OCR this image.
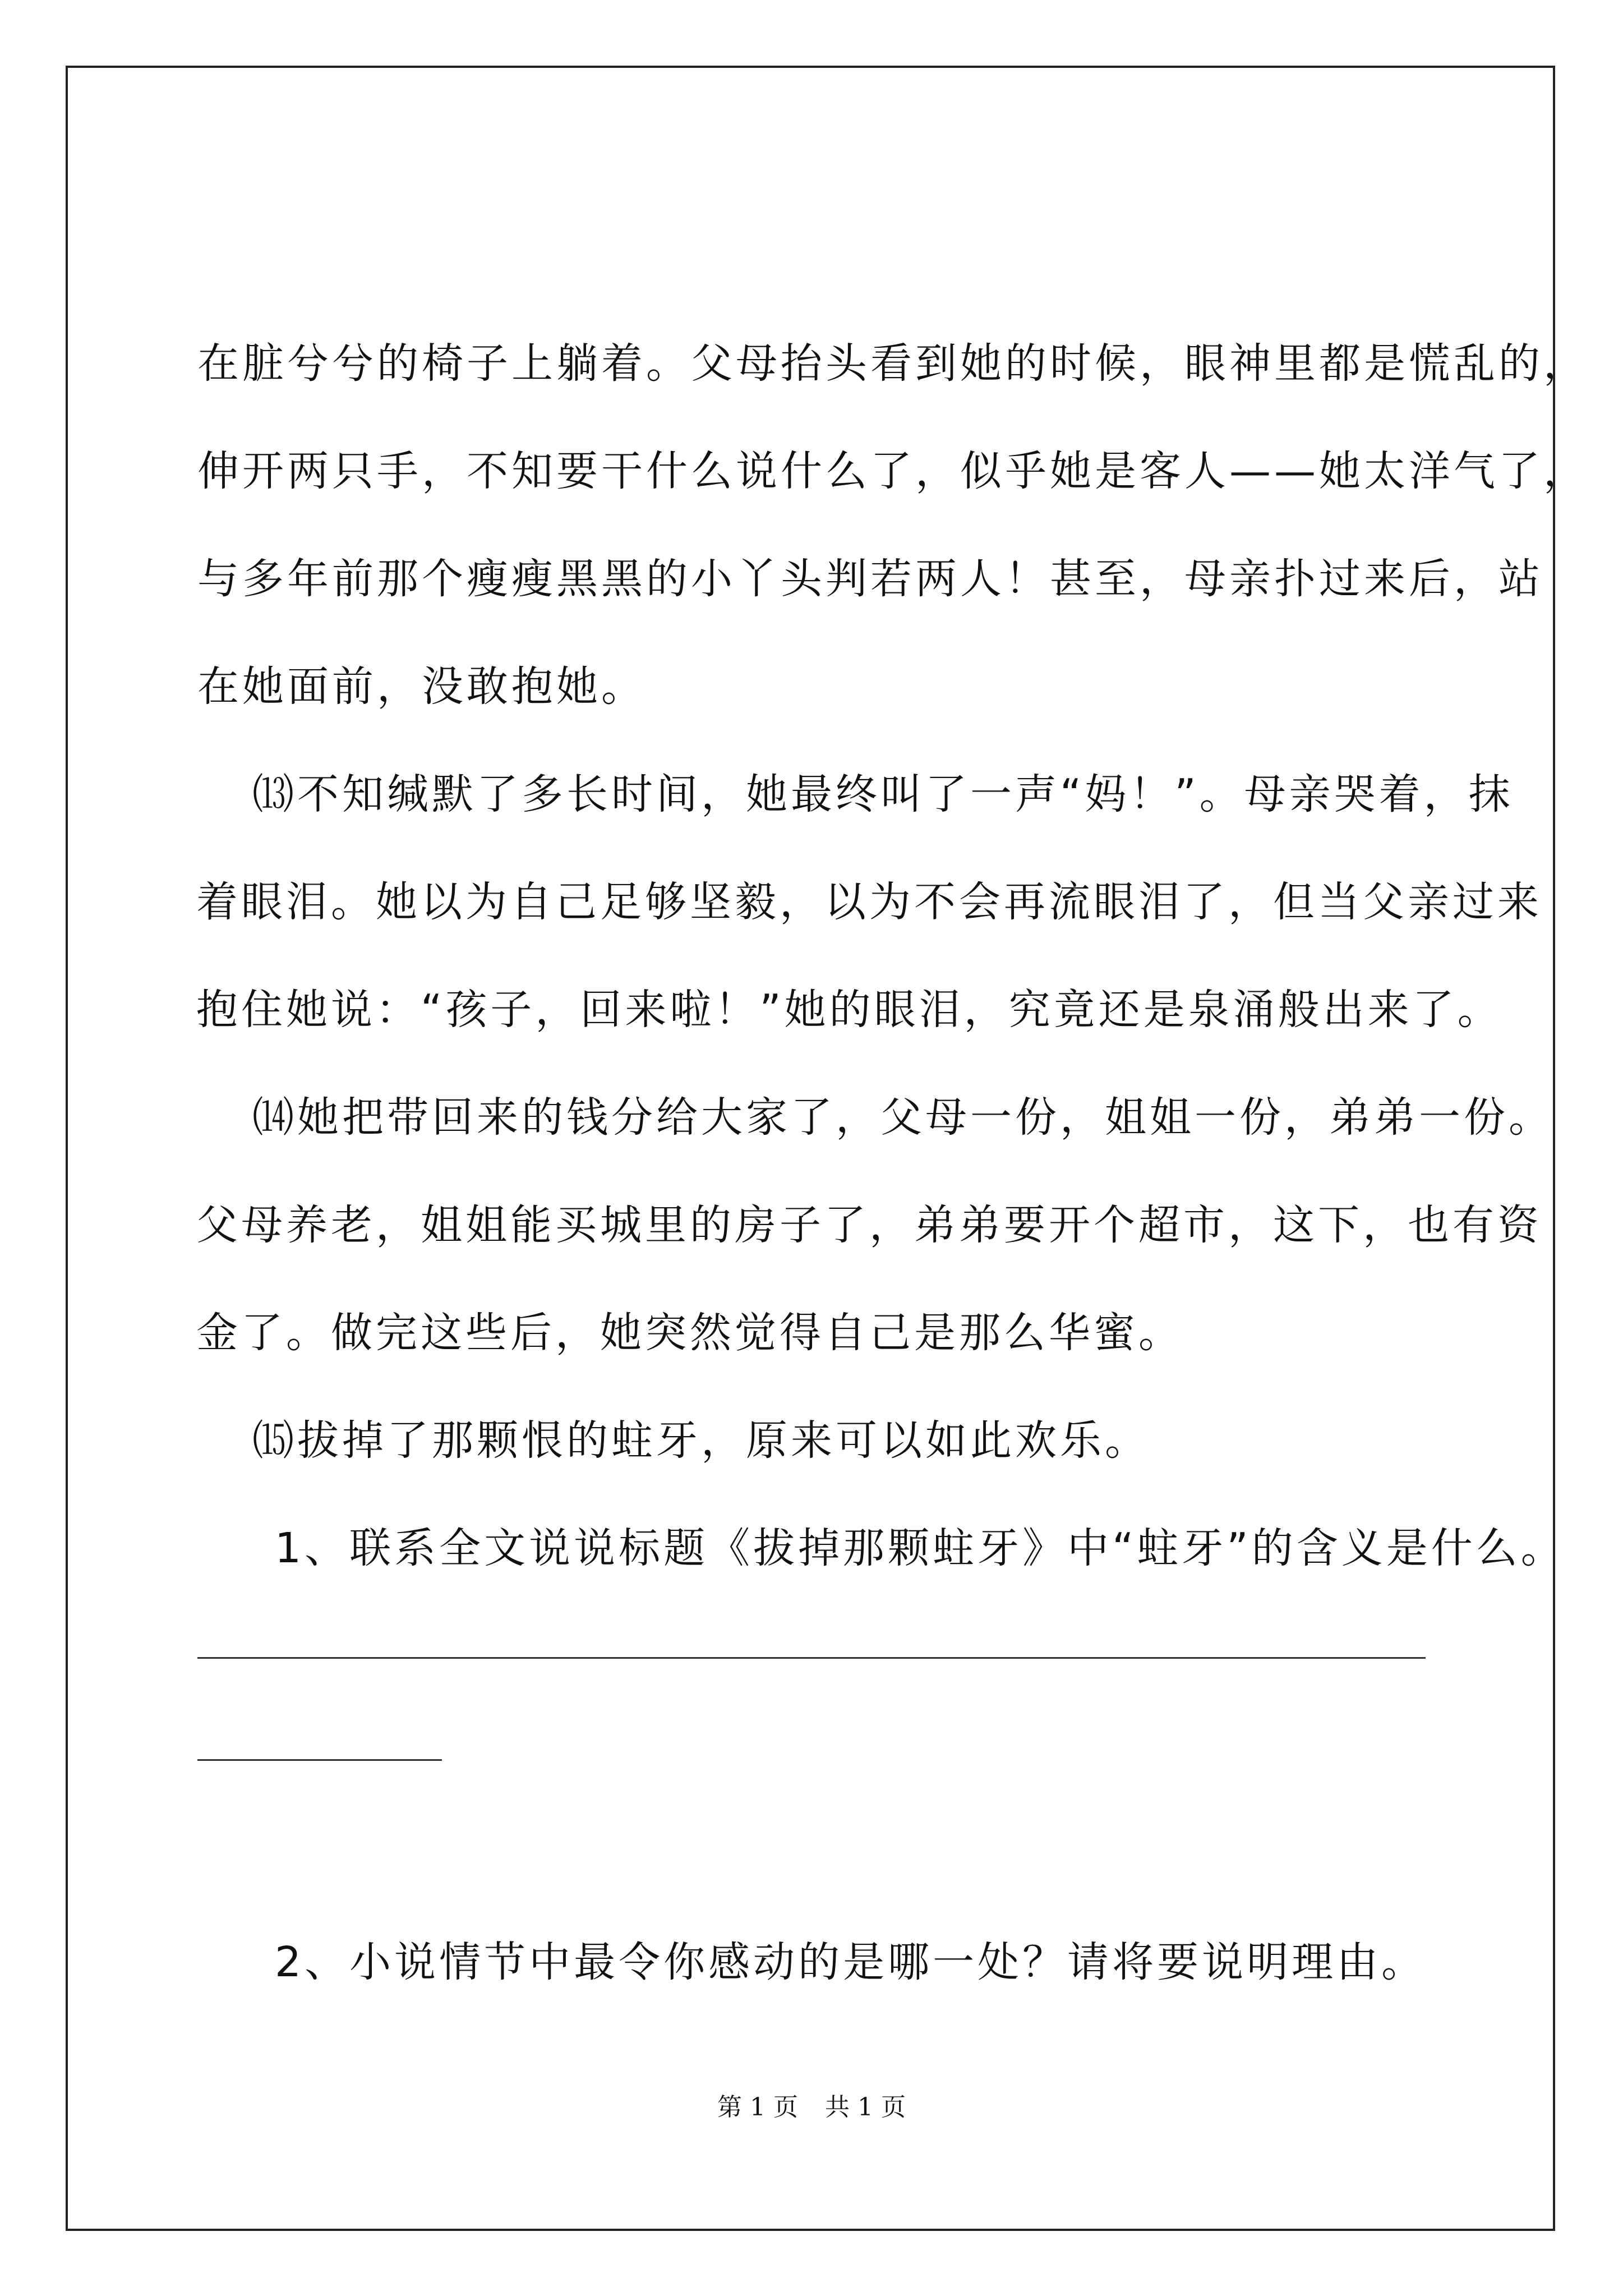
在脏兮兮的椅子上躺着。父母抬头看到她的时候，眼神里都是慌乱的，
伸开两只手，不知要干什么说什么了，似乎她是客人——她太洋气了，
与多年前那个瘦瘦黑黑的小丫头判若两人！甚至，母亲扑过来后，站
在她面前，没敢抱她。

⒀不知缄默了多长时间，她最终叫了一声“妈！”。母亲哭着，抹
着眼泪。她以为自己足够坚毅，以为不会再流眼泪了，但当父亲过来
抱住她说：“孩子，回来啦！”她的眼泪，究竟还是泉涌般出来了。

⒁她把带回来的钱分给大家了，父母一份，姐姐一份，弟弟一份。
父母养老，姐姐能买城里的房子了，弟弟要开个超市，这下，也有资
金了。做完这些后，她突然觉得自己是那么华蜜。

⒂拔掉了那颗恨的蛀牙，原来可以如此欢乐。

1、联系全文说说标题《拔掉那颗蛀牙》中“蛀牙”的含义是什么。

2、小说情节中最令你感动的是哪一处？请将要说明理由。

第 1 页 共 1 页
